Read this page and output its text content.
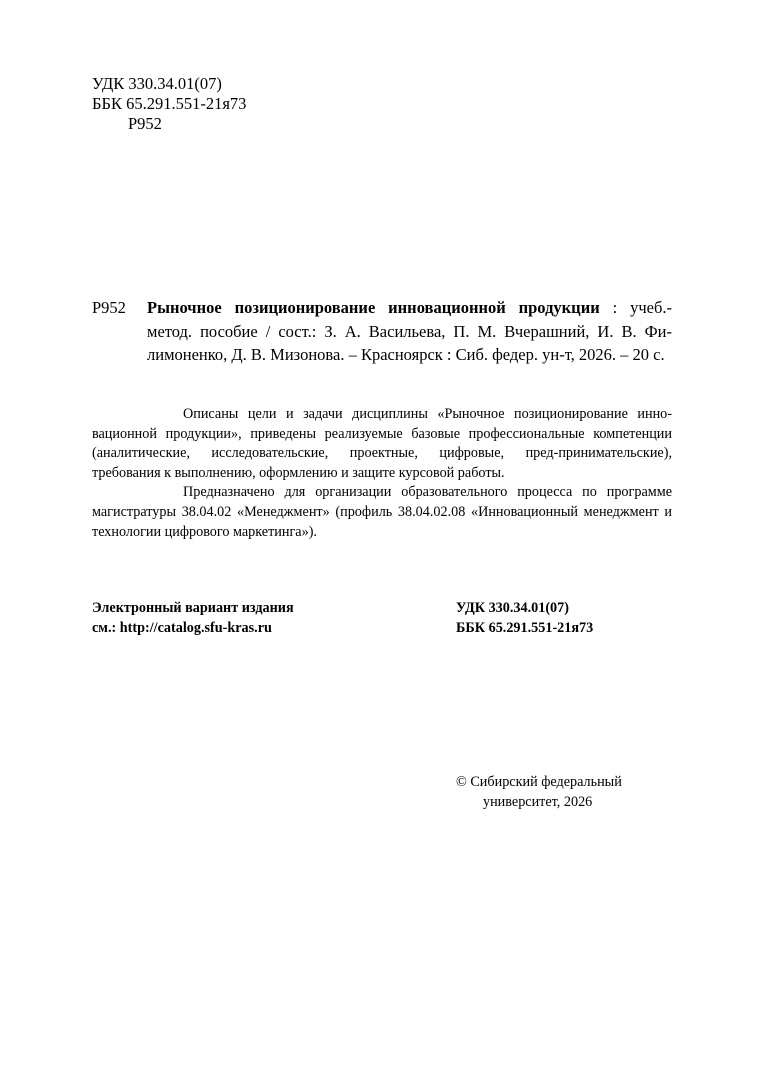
УДК 330.34.01(07)
ББК 65.291.551-21я73
Р952
Р952 Рыночное позиционирование инновационной продукции : учеб.-метод. пособие / сост.: З. А. Васильева, П. М. Вчерашний, И. В. Фи-лимоненко, Д. В. Мизонова. – Красноярск : Сиб. федер. ун-т, 2026. – 20 с.

Описаны цели и задачи дисциплины «Рыночное позиционирование инно-вационной продукции», приведены реализуемые базовые профессиональные компетенции (аналитические, исследовательские, проектные, цифровые, пред-принимательские), требования к выполнению, оформлению и защите курсовой работы.

Предназначено для организации образовательного процесса по программе магистратуры 38.04.02 «Менеджмент» (профиль 38.04.02.08 «Инновационный менеджмент и технологии цифрового маркетинга»).

Электронный вариант издания
см.: http://catalog.sfu-kras.ru
УДК 330.34.01(07)
ББК 65.291.551-21я73
© Сибирский федеральный
университет, 2026
